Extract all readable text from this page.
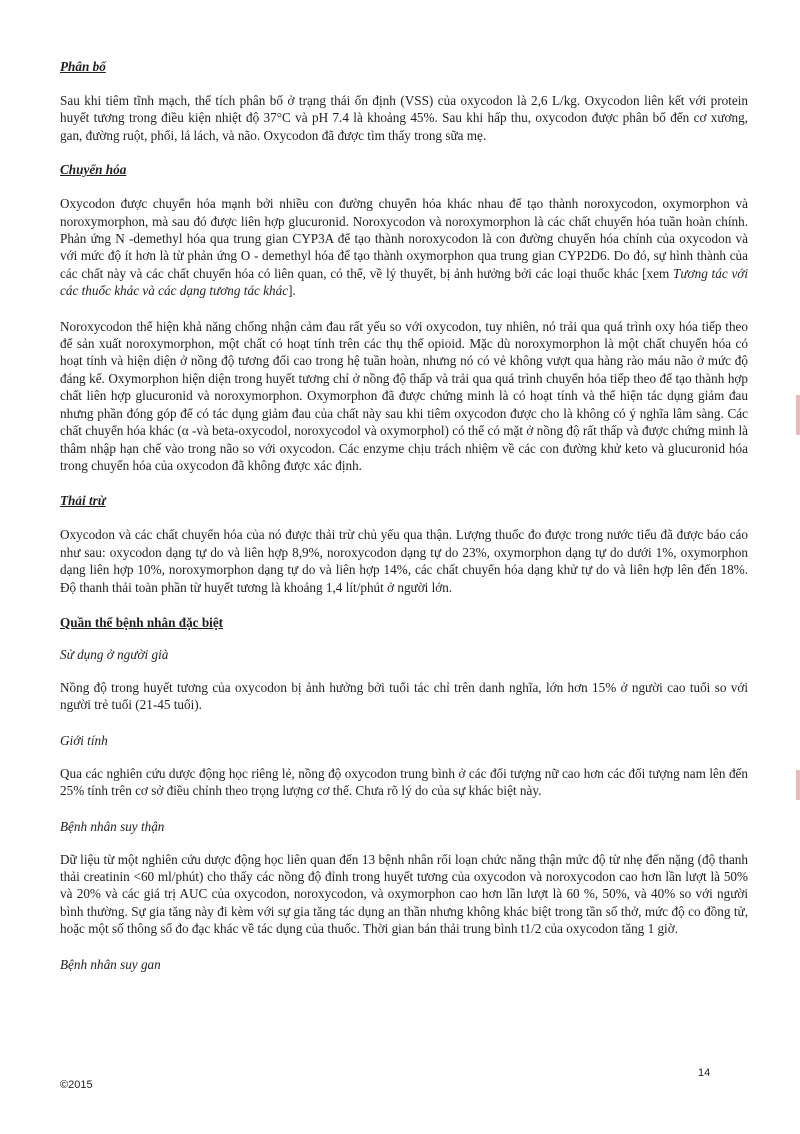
Phân bố

Sau khi tiêm tĩnh mạch, thể tích phân bố ở trạng thái ổn định (VSS) của oxycodon là 2,6 L/kg. Oxycodon liên kết với protein huyết tương trong điều kiện nhiệt độ 37°C và pH 7.4 là khoảng 45%. Sau khi hấp thu, oxycodon được phân bố đến cơ xương, gan, đường ruột, phổi, lá lách, và não. Oxycodon đã được tìm thấy trong sữa mẹ.

Chuyển hóa

Oxycodon được chuyển hóa mạnh bởi nhiều con đường chuyển hóa khác nhau để tạo thành noroxycodon, oxymorphon và noroxymorphon, mà sau đó được liên hợp glucuronid. Noroxycodon và noroxymorphon là các chất chuyển hóa tuần hoàn chính. Phản ứng N -demethyl hóa qua trung gian CYP3A để tạo thành noroxycodon là con đường chuyển hóa chính của oxycodon và với mức độ ít hơn là từ phản ứng O - demethyl hóa để tạo thành oxymorphon qua trung gian CYP2D6. Do đó, sự hình thành của các chất này và các chất chuyển hóa có liên quan, có thể, về lý thuyết, bị ảnh hưởng bởi các loại thuốc khác [xem Tương tác với các thuốc khác và các dạng tương tác khác].

Noroxycodon thể hiện khả năng chống nhận cảm đau rất yếu so với oxycodon, tuy nhiên, nó trải qua quá trình oxy hóa tiếp theo để sản xuất noroxymorphon, một chất có hoạt tính trên các thụ thể opioid. Mặc dù noroxymorphon là một chất chuyển hóa có hoạt tính và hiện diện ở nồng độ tương đối cao trong hệ tuần hoàn, nhưng nó có vẻ không vượt qua hàng rào máu não ở mức độ đáng kể. Oxymorphon hiện diện trong huyết tương chỉ ở nồng độ thấp và trải qua quá trình chuyển hóa tiếp theo để tạo thành hợp chất liên hợp glucuronid và noroxymorphon. Oxymorphon đã được chứng minh là có hoạt tính và thể hiện tác dụng giảm đau nhưng phần đóng góp để có tác dụng giảm đau của chất này sau khi tiêm oxycodon được cho là không có ý nghĩa lâm sàng. Các chất chuyển hóa khác (α -và beta-oxycodol, noroxycodol và oxymorphol) có thể có mặt ở nồng độ rất thấp và được chứng minh là thâm nhập hạn chế vào trong não so với oxycodon. Các enzyme chịu trách nhiệm về các con đường khử keto và glucuronid hóa trong chuyển hóa của oxycodon đã không được xác định.

Thải trừ

Oxycodon và các chất chuyển hóa của nó được thải trừ chủ yếu qua thận. Lượng thuốc đo được trong nước tiểu đã được báo cáo như sau: oxycodon dạng tự do và liên hợp 8,9%, noroxycodon dạng tự do 23%, oxymorphon dạng tự do dưới 1%, oxymorphon dạng liên hợp 10%, noroxymorphon dạng tự do và liên hợp 14%, các chất chuyển hóa dạng khử tự do và liên hợp lên đến 18%. Độ thanh thải toàn phần từ huyết tương là khoảng 1,4 lít/phút ở người lớn.

Quần thể bệnh nhân đặc biệt
Sử dụng ở người già

Nồng độ trong huyết tương của oxycodon bị ảnh hưởng bởi tuổi tác chỉ trên danh nghĩa, lớn hơn 15% ở người cao tuổi so với người trẻ tuổi (21-45 tuổi).

Giới tính

Qua các nghiên cứu dược động học riêng lẻ, nồng độ oxycodon trung bình ở các đối tượng nữ cao hơn các đối tượng nam lên đến 25% tính trên cơ sở điều chỉnh theo trọng lượng cơ thể. Chưa rõ lý do của sự khác biệt này.

Bệnh nhân suy thận

Dữ liệu từ một nghiên cứu dược động học liên quan đến 13 bệnh nhân rối loạn chức năng thận mức độ từ nhẹ đến nặng (độ thanh thải creatinin <60 ml/phút) cho thấy các nồng độ đỉnh trong huyết tương của oxycodon và noroxycodon cao hơn lần lượt là 50% và 20% và các giá trị AUC của oxycodon, noroxycodon, và oxymorphon cao hơn lần lượt là 60 %, 50%, và 40% so với người bình thường. Sự gia tăng này đi kèm với sự gia tăng tác dụng an thần nhưng không khác biệt trong tần số thở, mức độ co đồng tử, hoặc một số thông số đo đạc khác về tác dụng của thuốc. Thời gian bán thải trung bình t1/2 của oxycodon tăng 1 giờ.

Bệnh nhân suy gan
©2015
14
